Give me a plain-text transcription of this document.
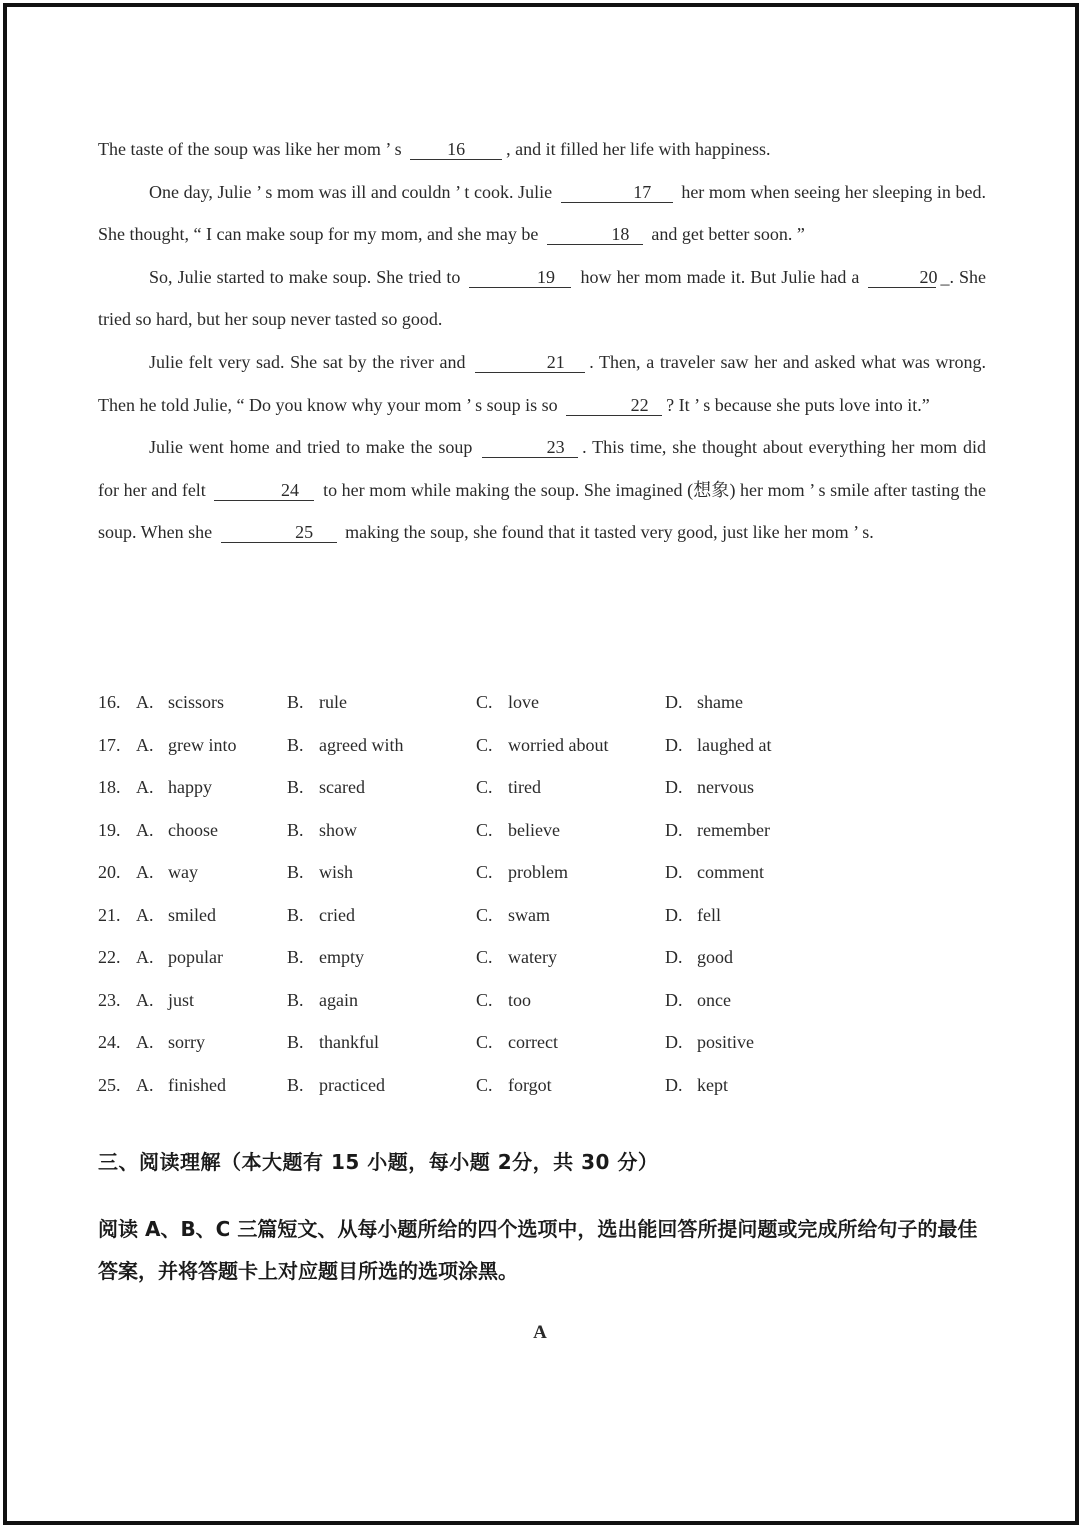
The taste of the soup was like her mom ’ s	16 , and it filled her life with happiness.

One day, Julie ’ s mom was ill and couldn ’ t cook. Julie	17 her mom when seeing her sleeping in bed. She thought, “ I can make soup for my mom, and she may be	18 and get better soon. ”

So, Julie started to make soup. She tried to	19 how her mom made it. But Julie had a	20 _. She tried so hard, but her soup never tasted so good.

Julie felt very sad. She sat by the river and	21 . Then, a traveler saw her and asked what was wrong. Then he told Julie, “ Do you know why your mom ’ s soup is so	22 ? It ’ s because she puts love into it.”

Julie went home and tried to make the soup	23 . This time, she thought about everything her mom did for her and felt	24 to her mom while making the soup. She imagined (想象) her mom ’ s smile after tasting the soup. When she	25 making the soup, she found that it tasted very good, just like her mom ’ s.

16. A. scissors	B. rule	C. love	D. shame
17. A. grew into	B. agreed with	C. worried about	D. laughed at
18. A. happy	B. scared	C. tired	D. nervous
19. A. choose	B. show	C. believe	D. remember
20. A. way	B. wish	C. problem	D. comment
21. A. smiled	B. cried	C. swam	D. fell
22. A. popular	B. empty	C. watery	D. good
23. A. just	B. again	C. too	D. once
24. A. sorry	B. thankful	C. correct	D. positive
25. A. finished	B. practiced	C. forgot	D. kept
三、阅读理解（本大题有 15 小题，每小题 2分，共 30 分）
阅读 A、B、C 三篇短文、从每小题所给的四个选项中，选出能回答所提问题或完成所给句子的最佳答案，并将答题卡上对应题目所选的选项涂黑。
A
